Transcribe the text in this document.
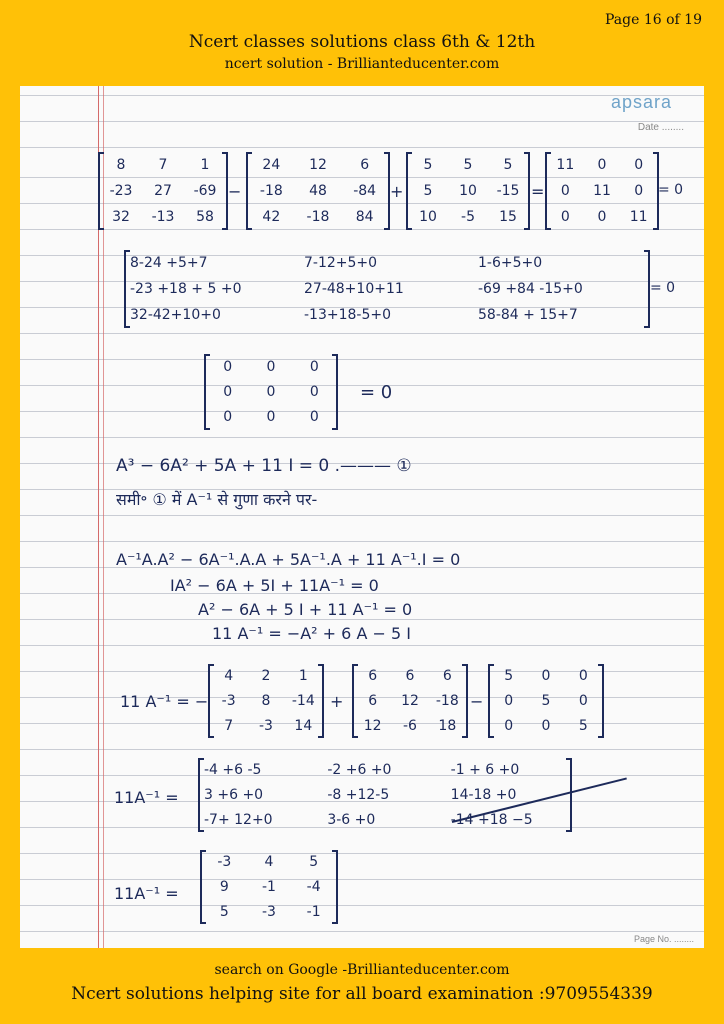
Page 16 of 19
Ncert classes solutions class 6th & 12th
ncert solution - Brillianteducenter.com
apsara
Date ........
Page No. ........
8	7	1
-23	27	-69
32	-13	58
−
24	12	6
-18	48	-84
42	-18	84
+
5	5	5
5	10	-15
10	-5	15
=
11	0	0
0	11	0
0	0	11
= 0
8-24 +5+7	7-12+5+0	1-6+5+0
-23 +18 + 5 +0	27-48+10+11	-69 +84 -15+0
32-42+10+0	-13+18-5+0	58-84 + 15+7
= 0
0	0	0
0	0	0
0	0	0
= 0
A³ − 6A² + 5A + 11 I = 0 .——— ①
समी॰ ① में A⁻¹ से गुणा करने पर-
A⁻¹A.A² − 6A⁻¹.A.A + 5A⁻¹.A + 11 A⁻¹.I = 0
IA² − 6A + 5I + 11A⁻¹ = 0
A² − 6A + 5 I + 11 A⁻¹ = 0
11 A⁻¹ = −A² + 6 A − 5 I
11 A⁻¹ = −
4	2	1
-3	8	-14
7	-3	14
+
6	6	6
6	12	-18
12	-6	18
−
5	0	0
0	5	0
0	0	5
11A⁻¹ =
-4 +6 -5	-2 +6 +0	-1 + 6 +0
3 +6 +0	-8 +12-5	14-18 +0
-7+ 12+0	3-6 +0	-14 +18 −5
11A⁻¹ =
-3	4	5
9	-1	-4
5	-3	-1
search on Google -Brillianteducenter.com
Ncert solutions helping site for all board examination :9709554339
